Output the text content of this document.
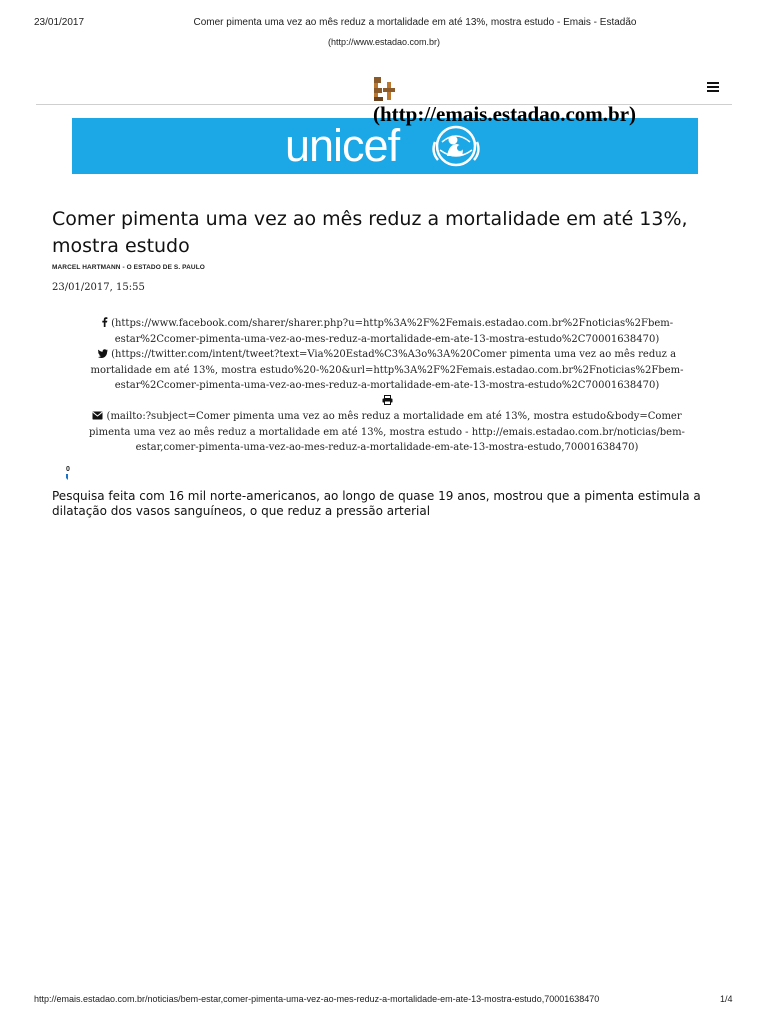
23/01/2017	Comer pimenta uma vez ao mês reduz a mortalidade em até 13%, mostra estudo - Emais - Estadão
(http://www.estadao.com.br)
unicef
(http://emais.estadao.com.br)
Comer pimenta uma vez ao mês reduz a mortalidade em até 13%, mostra estudo
MARCEL HARTMANN - O ESTADO DE S. PAULO
23/01/2017, 15:55
(https://www.facebook.com/sharer/sharer.php?u=http%3A%2F%2Femais.estadao.com.br%2Fnoticias%2Fbem-estar%2Ccomer-pimenta-uma-vez-ao-mes-reduz-a-mortalidade-em-ate-13-mostra-estudo%2C70001638470)
(https://twitter.com/intent/tweet?text=Via%20Estad%C3%A3o%3A%20Comer pimenta uma vez ao mês reduz a mortalidade em até 13%, mostra estudo%20-%20&url=http%3A%2F%2Femais.estadao.com.br%2Fnoticias%2Fbem-estar%2Ccomer-pimenta-uma-vez-ao-mes-reduz-a-mortalidade-em-ate-13-mostra-estudo%2C70001638470)
(mailto:?subject=Comer pimenta uma vez ao mês reduz a mortalidade em até 13%, mostra estudo&body=Comer pimenta uma vez ao mês reduz a mortalidade em até 13%, mostra estudo - http://emais.estadao.com.br/noticias/bem-estar,comer-pimenta-uma-vez-ao-mes-reduz-a-mortalidade-em-ate-13-mostra-estudo,70001638470)
0
Pesquisa feita com 16 mil norte-americanos, ao longo de quase 19 anos, mostrou que a pimenta estimula a dilatação dos vasos sanguíneos, o que reduz a pressão arterial
http://emais.estadao.com.br/noticias/bem-estar,comer-pimenta-uma-vez-ao-mes-reduz-a-mortalidade-em-ate-13-mostra-estudo,70001638470	1/4
